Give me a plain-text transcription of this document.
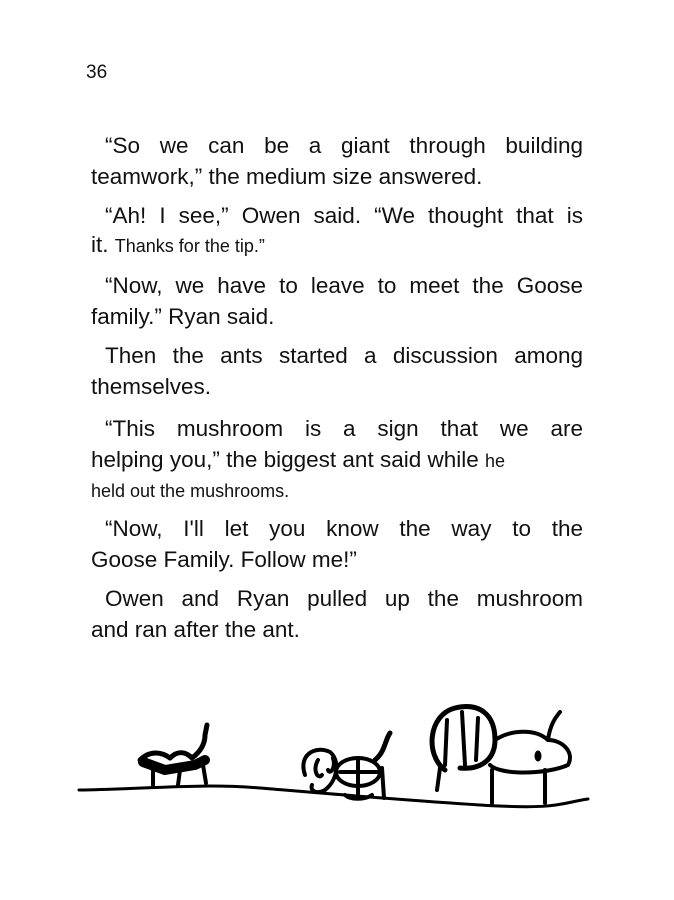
36
“So we can be a giant through building
teamwork,” the medium size answered.
“Ah! I see,” Owen said. “We thought that is
it. Thanks for the tip.”
“Now, we have to leave to meet the Goose
family.” Ryan said.
Then the ants started a discussion among
themselves.
“This mushroom is a sign that we are
helping you,” the biggest ant said while he
held out the mushrooms.
“Now, I'll let you know the way to the
Goose Family. Follow me!”
Owen and Ryan pulled up the mushroom
and ran after the ant.
